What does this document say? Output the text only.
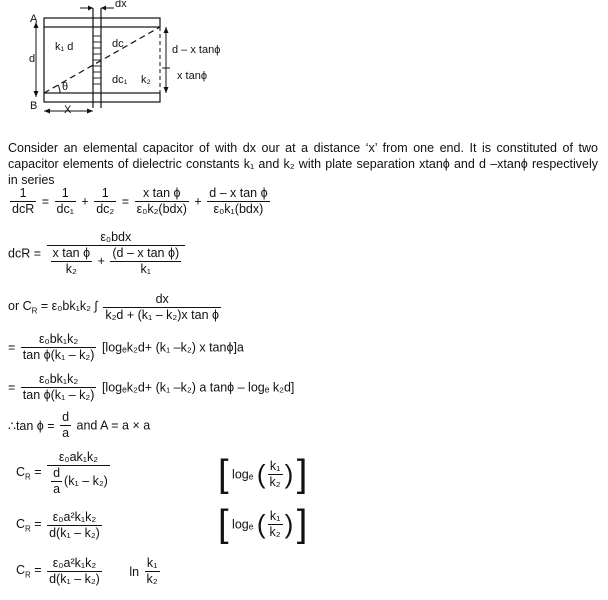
dx
A
B
d
k₁ d	dc
dc₁ k₂
θ
X
d – x tanϕ
x tanϕ
Consider an elemental capacitor of with dx our at a distance ‘x’ from one end. It is constituted of two capacitor elements of dielectric constants k₁ and k₂ with plate separation xtanϕ and d –xtanϕ respectively in series
$\frac{1}{\text{dcR}} = \frac{1}{\text{dc₁}} + \frac{1}{\text{dc₂}} = \frac{\text{x tan ϕ}}{\text{ε₀k₂(bdx)}} + \frac{\text{d – x tan ϕ}}{\text{ε₀k₁(bdx)}}$
dcR = $\frac{\text{ε₀bdx}}{\frac{\text{x tan ϕ}}{\text{k₂}} + \frac{\text{(d – x tan ϕ)}}{\text{k₁}}}$
or $C_R = \varepsilon_0bk_1k_2$ ∫ $\frac{dx}{\text{k₂d + (k₁ – k₂)x tan ϕ}}$
= $\frac{\text{ε₀bk₁k₂}}{\text{tan ϕ(k₁ – k₂)}} [\log_ek_2d+ (k_1$ –k₂) x tanϕ]a
= $\frac{\text{ε₀bk₁k₂}}{\text{tan ϕ(k₁ – k₂)}} [\log_ek_2d+ (k_1$ –k₂) a tanϕ – logₑ k₂d]
∴tan $\phi = \frac{d}{a}$ and A = a × a
$C_R = \frac{\text{ε₀ak₁k₂}}{\frac{d}{a} (k_1 - k_2)}$	[ logₑ ( $\frac{\text{k₁}}{\text{k₂}}$ ) ]
$C_R = \frac{\text{ε₀a²k₁k₂}}{\text{d(k₁ – k₂)}}$	[ logₑ ( $\frac{\text{k₁}}{\text{k₂}}$ ) ]
$C_R = \frac{\text{ε₀a²k₁k₂}}{\text{d(k₁ – k₂)}}$ $\ln \frac{\text{k₁}}{\text{k₂}}$
